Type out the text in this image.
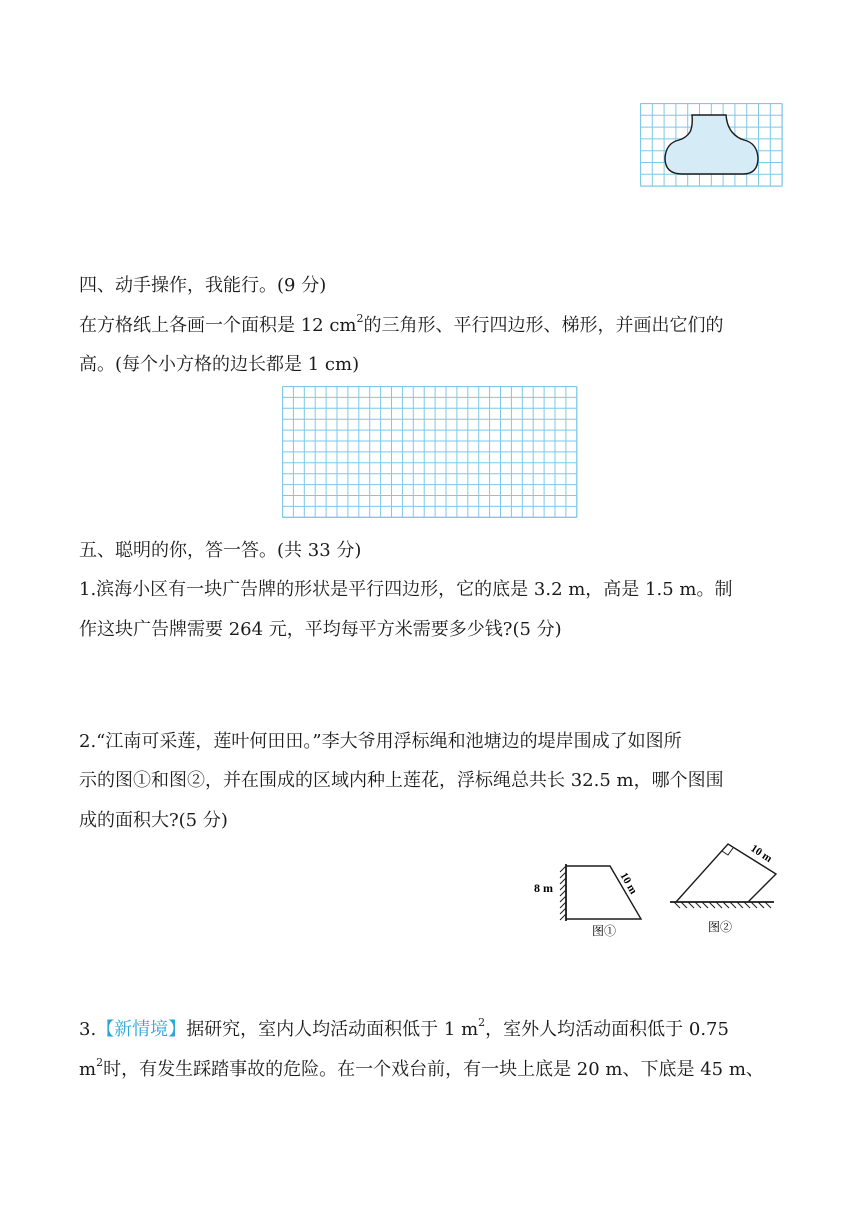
四、动手操作，我能行。(9 分)
在方格纸上各画一个面积是 12 $cm^2$的三角形、平行四边形、梯形，并画出它们的
高。(每个小方格的边长都是 1 cm)
五、聪明的你，答一答。(共 33 分)
1.滨海小区有一块广告牌的形状是平行四边形，它的底是 3.2 m，高是 1.5 m。制
作这块广告牌需要 264 元，平均每平方米需要多少钱?(5 分)
2.“江南可采莲，莲叶何田田。”李大爷用浮标绳和池塘边的堤岸围成了如图所
示的图①和图②，并在围成的区域内种上莲花，浮标绳总共长 32.5 m，哪个图围
成的面积大?(5 分)
8 m	10 m
图①
10 m
图②
3.【新情境】据研究，室内人均活动面积低于 1 $m^2$，室外人均活动面积低于 0.75
$m^2$时，有发生踩踏事故的危险。在一个戏台前，有一块上底是 20 m、下底是 45 m、
